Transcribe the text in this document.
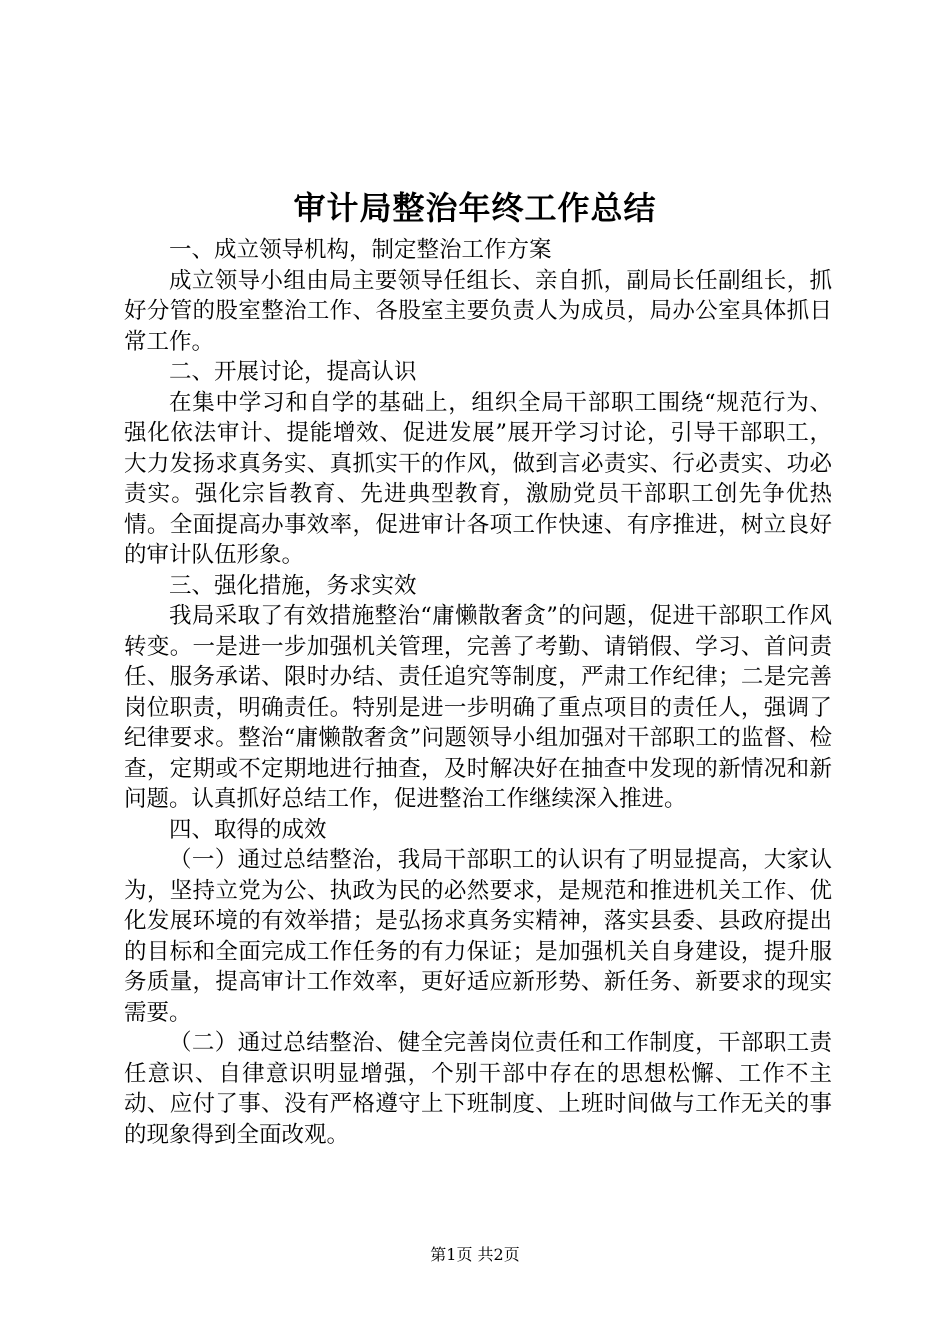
审计局整治年终工作总结

一、成立领导机构，制定整治工作方案

成立领导小组由局主要领导任组长、亲自抓，副局长任副组长，抓好分管的股室整治工作、各股室主要负责人为成员，局办公室具体抓日常工作。

二、开展讨论，提高认识

在集中学习和自学的基础上，组织全局干部职工围绕“规范行为、强化依法审计、提能增效、促进发展”展开学习讨论，引导干部职工，大力发扬求真务实、真抓实干的作风，做到言必责实、行必责实、功必责实。强化宗旨教育、先进典型教育，激励党员干部职工创先争优热情。全面提高办事效率，促进审计各项工作快速、有序推进，树立良好的审计队伍形象。

三、强化措施，务求实效

我局采取了有效措施整治“庸懒散奢贪”的问题，促进干部职工作风转变。一是进一步加强机关管理，完善了考勤、请销假、学习、首问责任、服务承诺、限时办结、责任追究等制度，严肃工作纪律；二是完善岗位职责，明确责任。特别是进一步明确了重点项目的责任人，强调了纪律要求。整治“庸懒散奢贪”问题领导小组加强对干部职工的监督、检查，定期或不定期地进行抽查，及时解决好在抽查中发现的新情况和新问题。认真抓好总结工作，促进整治工作继续深入推进。

四、取得的成效

（一）通过总结整治，我局干部职工的认识有了明显提高，大家认为，坚持立党为公、执政为民的必然要求，是规范和推进机关工作、优化发展环境的有效举措；是弘扬求真务实精神，落实县委、县政府提出的目标和全面完成工作任务的有力保证；是加强机关自身建设，提升服务质量，提高审计工作效率，更好适应新形势、新任务、新要求的现实需要。

（二）通过总结整治、健全完善岗位责任和工作制度，干部职工责任意识、自律意识明显增强，个别干部中存在的思想松懈、工作不主动、应付了事、没有严格遵守上下班制度、上班时间做与工作无关的事的现象得到全面改观。

第1页 共2页
